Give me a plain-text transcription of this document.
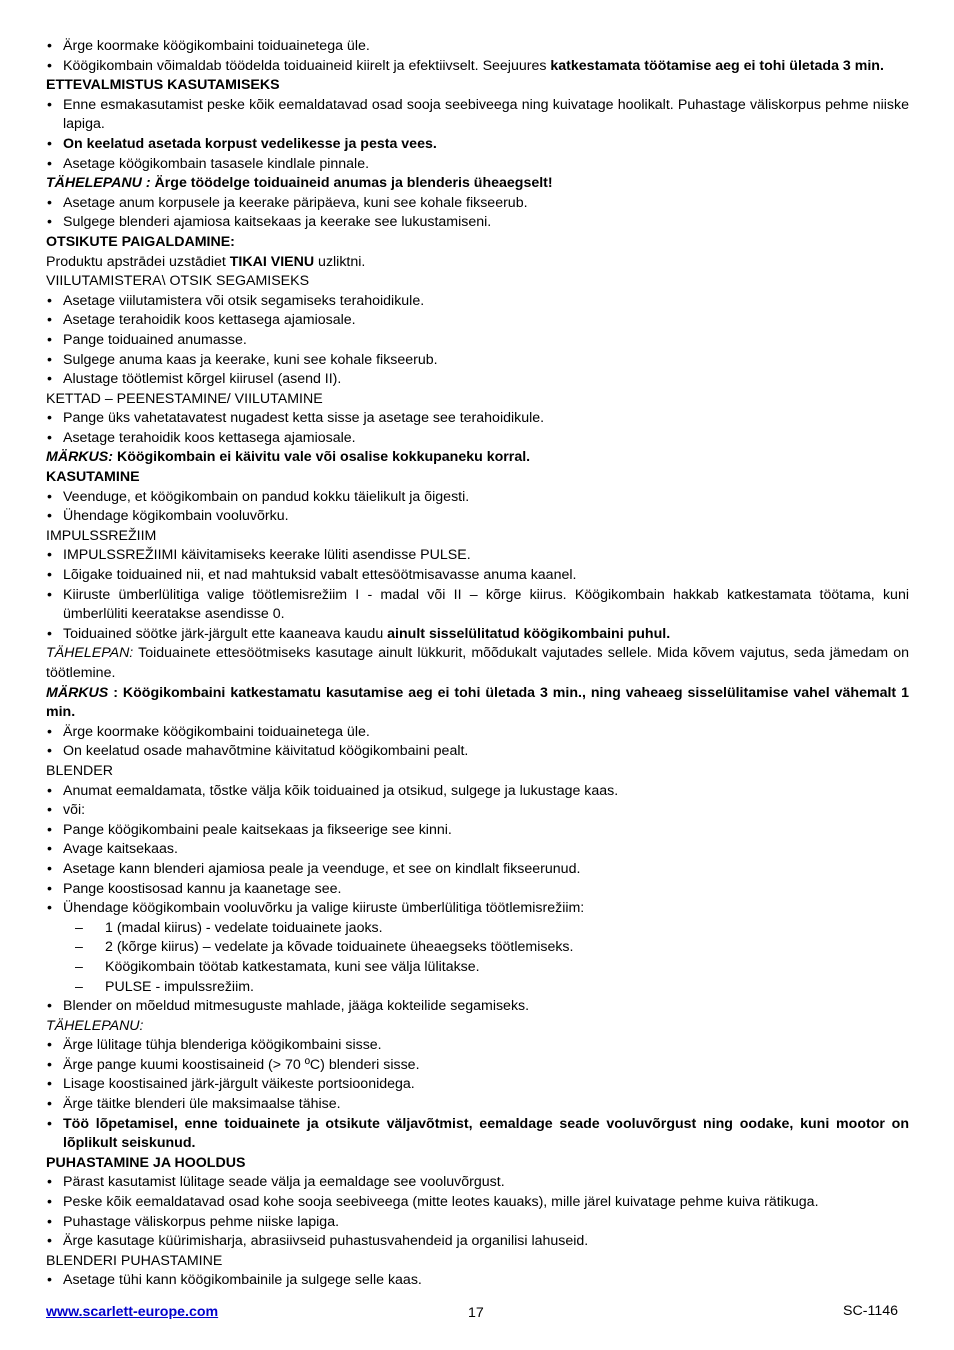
• Ärge koormake köögikombaini toiduainetega üle.
• Köögikombain võimaldab töödelda toiduaineid kiirelt ja efektiivselt. Seejuures katkestamata töötamise aeg ei tohi ületada 3 min.
ETTEVALMISTUS KASUTAMISEKS
• Enne esmakasutamist peske kõik eemaldatavad osad sooja seebiveega ning kuivatage hoolikalt. Puhastage väliskorpus pehme niiske lapiga.
• On keelatud asetada korpust vedelikesse ja pesta vees.
• Asetage köögikombain tasasele kindlale pinnale.
TÄHELEPANU : Ärge töödelge toiduaineid anumas ja blenderis üheaegselt!
• Asetage anum korpusele ja keerake päripäeva, kuni see kohale fikseerub.
• Sulgege blenderi ajamiosa kaitsekaas ja keerake see lukustamiseni.
OTSIKUTE PAIGALDAMINE:
Produktu apstrādei uzstādiet TIKAI VIENU uzliktni.
VIILUTAMISTERA\ OTSIK SEGAMISEKS
• Asetage viilutamistera või otsik segamiseks terahoidikule.
• Asetage terahoidik koos kettasega ajamiosale.
• Pange toiduained anumasse.
• Sulgege anuma kaas ja keerake, kuni see kohale fikseerub.
• Alustage töötlemist kõrgel kiirusel (asend II).
KETTAD – PEENESTAMINE/ VIILUTAMINE
• Pange üks vahetatavatest nugadest ketta sisse ja asetage see terahoidikule.
• Asetage terahoidik koos kettasega ajamiosale.
MÄRKUS: Köögikombain ei käivitu vale või osalise kokkupaneku korral.
KASUTAMINE
• Veenduge, et köögikombain on pandud kokku täielikult ja õigesti.
• Ühendage kögikombain vooluvõrku.
IMPULSSREŽIIM
• IMPULSSREŽIIMI käivitamiseks keerake lüliti asendisse PULSE.
• Lõigake toiduained nii, et nad mahtuksid vabalt ettesöötmisavasse anuma kaanel.
• Kiiruste ümberlülitiga valige töötlemisrežiim I - madal või II – kõrge kiirus. Köögikombain hakkab katkestamata töötama, kuni ümberlüliti keeratakse asendisse 0.
• Toiduained söötke järk-järgult ette kaaneava kaudu ainult sisselülitatud köögikombaini puhul.
TÄHELEPAN: Toiduainete ettesöötmiseks kasutage ainult lükkurit, mõõdukalt vajutades sellele. Mida kõvem vajutus, seda jämedam on töötlemine.
MÄRKUS : Köögikombaini katkestamatu kasutamise aeg ei tohi ületada 3 min., ning vaheaeg sisselülitamise vahel vähemalt 1 min.
• Ärge koormake köögikombaini toiduainetega üle.
• On keelatud osade mahavõtmine käivitatud köögikombaini pealt.
BLENDER
• Anumat eemaldamata, tõstke välja kõik toiduained ja otsikud, sulgege ja lukustage kaas.
• või:
• Pange köögikombaini peale kaitsekaas ja fikseerige see kinni.
• Avage kaitsekaas.
• Asetage kann blenderi ajamiosa peale ja veenduge, et see on kindlalt fikseerunud.
• Pange koostisosad kannu ja kaanetage see.
• Ühendage köögikombain vooluvõrku ja valige kiiruste ümberlülitiga töötlemisrežiim:
– 1 (madal kiirus) - vedelate toiduainete jaoks.
– 2 (kõrge kiirus) – vedelate ja kõvade toiduainete üheaegseks töötlemiseks.
– Köögikombain töötab katkestamata, kuni see välja lülitakse.
– PULSE - impulssrežiim.
• Blender on mõeldud mitmesuguste mahlade, jääga kokteilide segamiseks.
TÄHELEPANU:
• Ärge lülitage tühja blenderiga köögikombaini sisse.
• Ärge pange kuumi koostisaineid (> 70 ºC) blenderi sisse.
• Lisage koostisained järk-järgult väikeste portsioonidega.
• Ärge täitke blenderi üle maksimaalse tähise.
• Töö lõpetamisel, enne toiduainete ja otsikute väljavõtmist, eemaldage seade vooluvõrgust ning oodake, kuni mootor on lõplikult seiskunud.
PUHASTAMINE JA HOOLDUS
• Pärast kasutamist lülitage seade välja ja eemaldage see vooluvõrgust.
• Peske kõik eemaldatavad osad kohe sooja seebiveega (mitte leotes kauaks), mille järel kuivatage pehme kuiva rätikuga.
• Puhastage väliskorpus pehme niiske lapiga.
• Ärge kasutage küürimisharja, abrasiivseid puhastusvahendeid ja organilisi lahuseid.
BLENDERI PUHASTAMINE
• Asetage tühi kann köögikombainile ja sulgege selle kaas.
www.scarlett-europe.com	17	SC-1146
